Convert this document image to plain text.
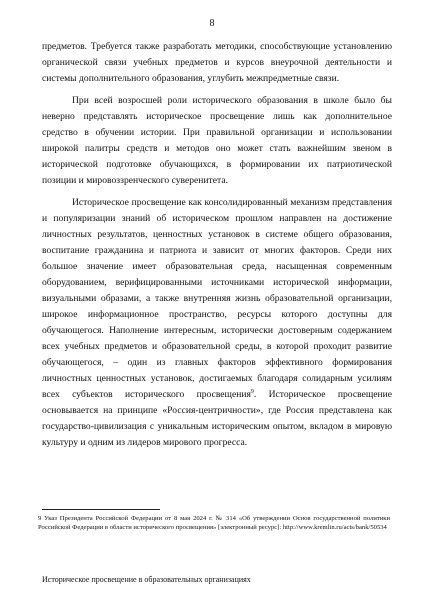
8

предметов. Требуется также разработать методики, способствующие установлению органической связи учебных предметов и курсов внеурочной деятельности и системы дополнительного образования, углубить межпредметные связи.

При всей возросшей роли исторического образования в школе было бы неверно представлять историческое просвещение лишь как дополнительное средство в обучении истории. При правильной организации и использовании широкой палитры средств и методов оно может стать важнейшим звеном в исторической подготовке обучающихся, в формировании их патриотической позиции и мировоззренческого суверенитета.

Историческое просвещение как консолидированный механизм представления и популяризации знаний об историческом прошлом направлен на достижение личностных результатов, ценностных установок в системе общего образования, воспитание гражданина и патриота и зависит от многих факторов. Среди них большое значение имеет образовательная среда, насыщенная современным оборудованием, верифицированными источниками исторической информации, визуальными образами, а также внутренняя жизнь образовательной организации, широкое информационное пространство, ресурсы которого доступны для обучающегося. Наполнение интересным, исторически достоверным содержанием всех учебных предметов и образовательной среды, в которой проходит развитие обучающегося, – один из главных факторов эффективного формирования личностных ценностных установок, достигаемых благодаря солидарным усилиям всех субъектов исторического просвещения$^9$. Историческое просвещение основывается на принципе «Россия-центричности», где Россия представлена как государство-цивилизация с уникальным историческим опытом, вкладом в мировую культуру и одним из лидеров мирового прогресса.

9 Указ Президента Российской Федерации от 8 мая 2024 г. № 314 «Об утверждении Основ государственной политики Российской Федерации в области исторического просвещения» [электронный ресурс]: http://www.kremlin.ru/acts/bank/50534
Историческое просвещение в образовательных организациях
